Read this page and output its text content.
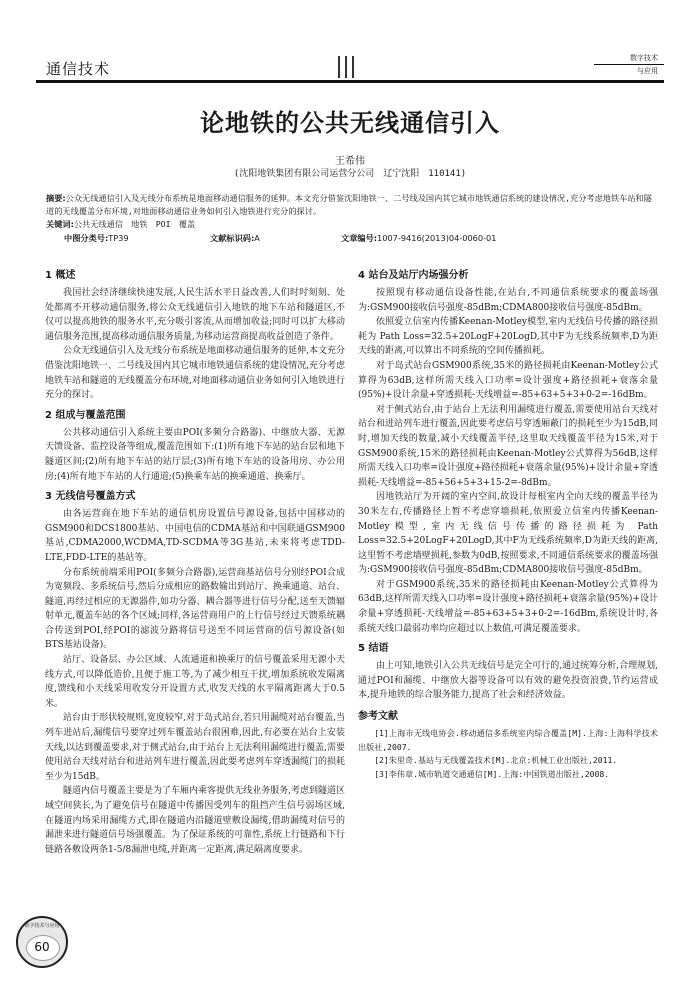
通信技术
数字技术
与应用
论地铁的公共无线通信引入
王希伟
(沈阳地铁集团有限公司运营分公司　辽宁沈阳　110141)
摘要:公众无线通信引入及无线分布系统是地面移动通信服务的延伸。本文充分借鉴沈阳地铁一、二号线及国内其它城市地铁通信系统的建设情况,充分考虑地铁车站和隧道的无线覆盖分布环境,对地面移动通信业务如何引入地铁进行充分的探讨。
关键词:公共无线通信　地铁　POI　覆盖
中图分类号:TP39	文献标识码:A	文章编号:1007-9416(2013)04-0060-01
1 概述

我国社会经济继续快速发展,人民生活水平日益改善,人们时时刻刻、处处都离不开移动通信服务,将公众无线通信引入地铁的地下车站和隧道区,不仅可以提高地铁的服务水平,充分吸引客流,从而增加收益;同时可以扩大移动通信服务范围,提高移动通信服务质量,为移动运营商提高收益创造了条件。

公众无线通信引入及无线分布系统是地面移动通信服务的延伸,本文充分借鉴沈阳地铁一、二号线及国内其它城市地铁通信系统的建设情况,充分考虑地铁车站和隧道的无线覆盖分布环境,对地面移动通信业务如何引入地铁进行充分的探讨。

2 组成与覆盖范围

公共移动通信引入系统主要由POI(多频分合路器)、中继放大器、无源天馈设备、监控设备等组成,覆盖范围如下:(1)所有地下车站的站台层和地下隧道区间;(2)所有地下车站的站厅层;(3)所有地下车站的设备用房、办公用房;(4)所有地下车站的人行通道;(5)换乘车站的换乘通道、换乘厅。

3 无线信号覆盖方式

由各运营商在地下车站的通信机房设置信号源设备,包括中国移动的GSM900和DCS1800基站、中国电信的CDMA基站和中国联通GSM900基站,CDMA2000,WCDMA,TD-SCDMA等3G基站,未来将考虑TDD-LTE,FDD-LTE的基站等。

分布系统前端采用POI(多频分合路器),运营商基站信号分别经POI合成为宽频段、多系统信号,然后分成相应的路数输出到站厅、换乘通道、站台、隧道,再经过相应的无源器件,如功分器、耦合器等进行信号分配,送至天馈辐射单元,覆盖车站的各个区域;同样,各运营商用户的上行信号经过天馈系统耦合传送到POI,经POI的滤波分路将信号送至不同运营商的信号源设备(如BTS基站设备)。

站厅、设备层、办公区域、人流通道和换乘厅的信号覆盖采用无源小天线方式,可以降低造价,且便于施工等,为了减少相互干扰,增加系统收发隔离度,馈线和小天线采用收发分开设置方式,收发天线的水平隔离距离大于0.5米。

站台由于形状较规则,宽度较窄,对于岛式站台,若只用漏缆对站台覆盖,当列车进站后,漏缆信号要穿过列车覆盖站台很困难,因此,有必要在站台上安装天线,以达到覆盖要求,对于侧式站台,由于站台上无法利用漏缆进行覆盖,需要使用站台天线对站台和进站列车进行覆盖,因此要考虑列车穿透漏缆门的损耗至少为15dB。

隧道内信号覆盖主要是为了车厢内乘客提供无线业务服务,考虑到隧道区域空间狭长,为了避免信号在隧道中传播因受列车的阻挡产生信号弱场区域,在隧道内场采用漏缆方式,即在隧道内沿隧道壁敷设漏缆,借助漏缆对信号的漏泄来进行隧道信号场强覆盖。为了保证系统的可靠性,系统上行链路和下行链路各敷设两条1-5/8漏泄电缆,并距离一定距离,满足隔离度要求。

4 站台及站厅内场强分析

按照现有移动通信设备性能,在站台,不同通信系统要求的覆盖场强为:GSM900接收信号强度-85dBm;CDMA800接收信号强度-85dBm。

依照爱立信室内传播Keenan-Motley模型,室内无线信号传播的路径损耗为 Path Loss=32.5+20LogF+20LogD,其中F为无线系统频率,D为距天线的距离,可以算出不同系统的空间传播损耗。

对于岛式站台GSM900系统,35米的路径损耗由Keenan-Motley公式算得为63dB,这样所需天线入口功率=设计强度+路径损耗+衰落余量(95%)+设计余量+穿透损耗-天线增益=-85+63+5+3+0-2=-16dBm。

对于侧式站台,由于站台上无法利用漏缆进行覆盖,需要使用站台天线对站台和进站列车进行覆盖,因此要考虑信号穿透厢蔽门的损耗至少为15dB,同时,增加天线的数量,减小天线覆盖半径,这里取天线覆盖半径为15米,对于GSM900系统,15米的路径损耗由Keenan-Motley公式算得为56dB,这样所需天线入口功率=设计强度+路径损耗+衰落余量(95%)+设计余量+穿透损耗-天线增益=-85+56+5+3+15-2=-8dBm。

因地铁站厅为开阔的室内空间,故设计每根室内全向天线的覆盖半径为30米左右,传播路径上暂不考虑穿墙损耗,依照爱立信室内传播Keenan-Motley模型,室内无线信号传播的路径损耗为 Path Loss=32.5+20LogF+20LogD,其中F为无线系统频率,D为距天线的距离,这里暂不考虑墙壁损耗,参数为0dB,按照要求,不同通信系统要求的覆盖场强为:GSM900接收信号强度-85dBm;CDMA800接收信号强度-85dBm。

对于GSM900系统,35米的路径损耗由Keenan-Motley公式算得为63dB,这样所需天线入口功率=设计强度+路径损耗+衰落余量(95%)+设计余量+穿透损耗-天线增益=-85+63+5+3+0-2=-16dBm,系统设计时,各系统天线口最弱功率均应超过以上数值,可满足覆盖要求。

5 结语

由上可知,地铁引入公共无线信号是完全可行的,通过统筹分析,合理规划,通过POI和漏缆、中继放大器等设备可以有效的避免投资浪费,节约运营成本,提升地铁的综合服务能力,提高了社会和经济效益。

参考文献

[1]上海市无线电协会.移动通信多系统室内综合覆盖[M].上海:上海科学技术出版社,2007.

[2]朱里奇.基站与无线覆盖技术[M].北京:机械工业出版社,2011.

[3]李伟章.城市轨道交通通信[M].上海:中国铁道出版社,2008.

数字技术与应用
60
